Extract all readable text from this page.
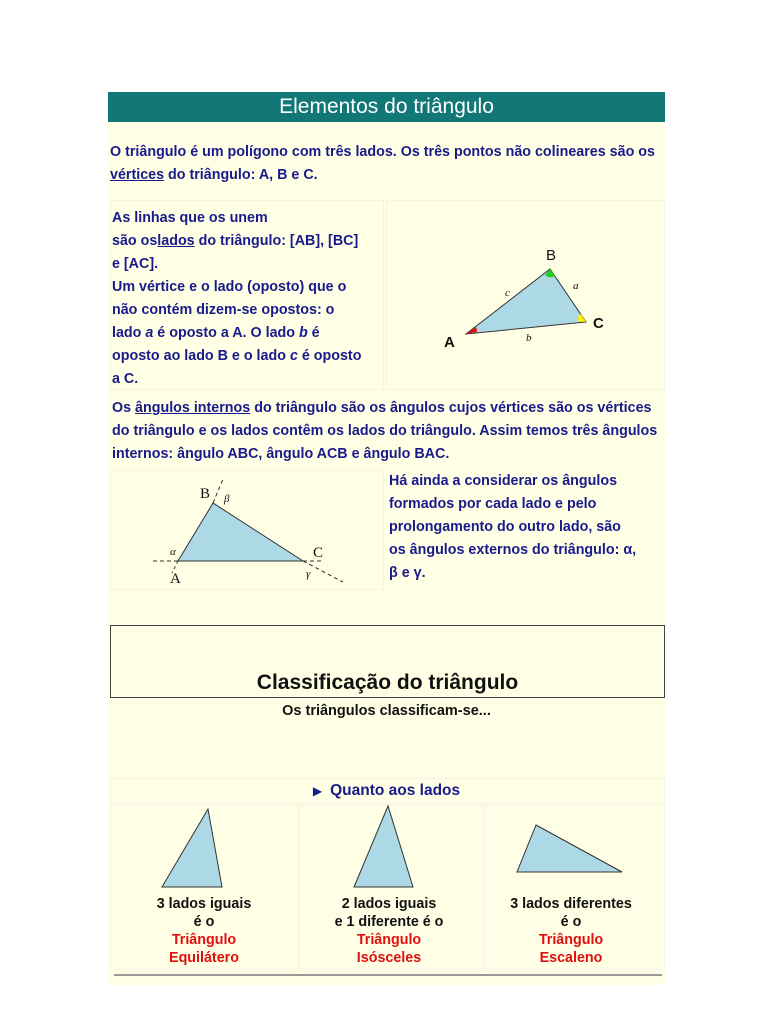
Elementos do triângulo
O triângulo é um polígono com três lados. Os três pontos não colineares são os vértices do triângulo: A, B e C.
As linhas que os unem
são oslados do triângulo: [AB], [BC]
e [AC].
Um vértice e o lado (oposto) que o
não contém dizem-se opostos: o
lado a é oposto a A. O lado b é
oposto ao lado B e o lado c é oposto
a C.
A
B
C
a
b
c
Os ângulos internos do triângulo são os ângulos cujos vértices são os vértices do triângulo e os lados contêm os lados do triângulo. Assim temos três ângulos internos: ângulo ABC, ângulo ACB e ângulo BAC.
A
B
C
α
β
γ
Há ainda a considerar os ângulos
formados por cada lado e pelo
prolongamento do outro lado, são
os ângulos externos do triângulo: α,
β e γ.
Classificação do triângulo
Os triângulos classificam-se...
▶ Quanto aos lados
3 lados iguais
é o
Triângulo
Equilátero
2 lados iguais
e 1 diferente é o
Triângulo
Isósceles
3 lados diferentes
é o
Triângulo
Escaleno
